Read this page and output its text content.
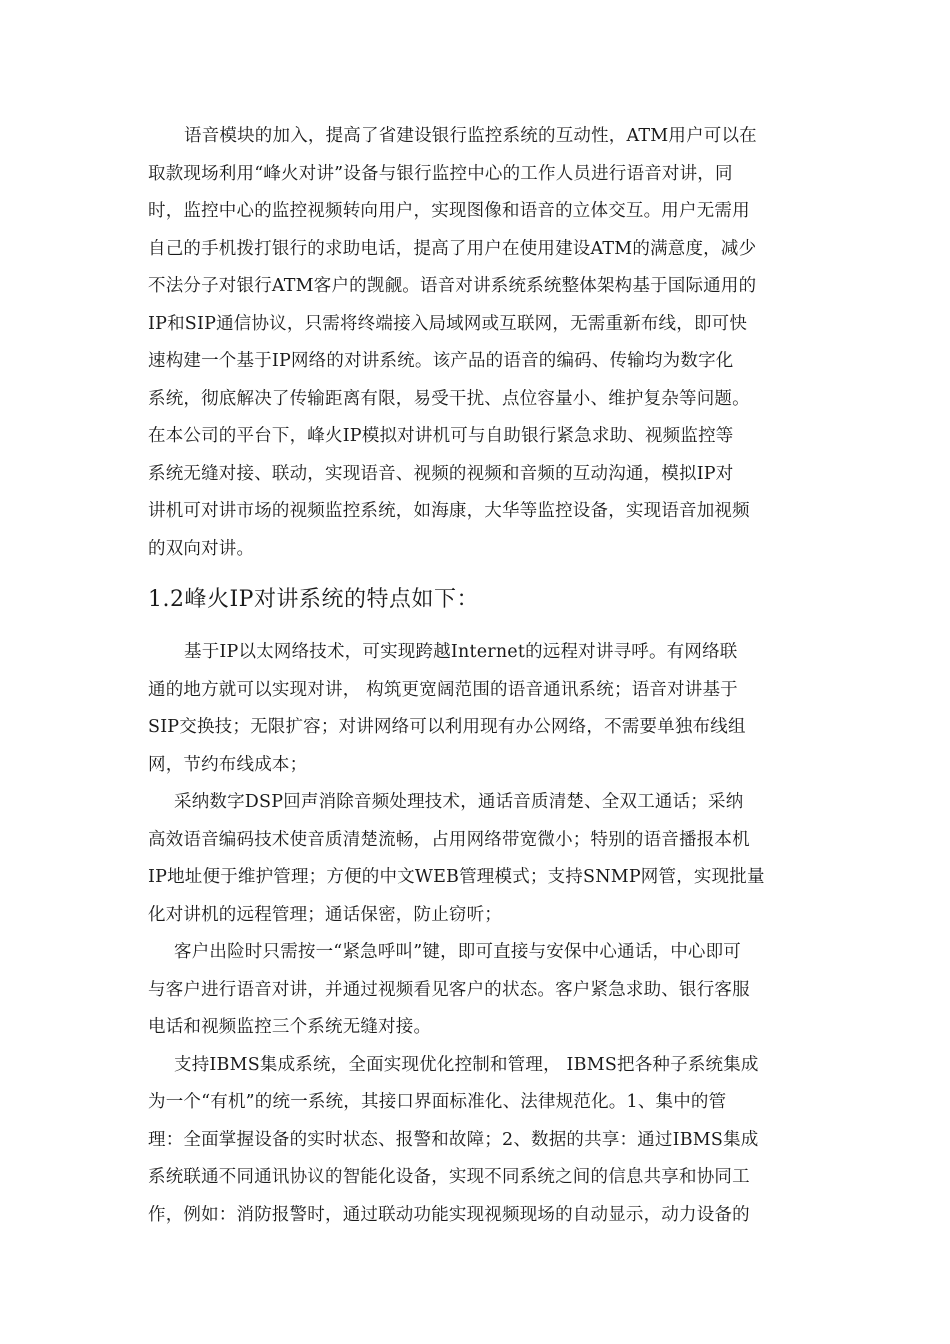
语音模块的加入，提高了省建设银行监控系统的互动性，ATM用户可以在
取款现场利用“峰火对讲”设备与银行监控中心的工作人员进行语音对讲，同
时，监控中心的监控视频转向用户，实现图像和语音的立体交互。用户无需用
自己的手机拨打银行的求助电话，提高了用户在使用建设ATM的满意度，减少
不法分子对银行ATM客户的觊觎。语音对讲系统系统整体架构基于国际通用的
IP和SIP通信协议，只需将终端接入局域网或互联网，无需重新布线，即可快
速构建一个基于IP网络的对讲系统。该产品的语音的编码、传输均为数字化
系统，彻底解决了传输距离有限，易受干扰、点位容量小、维护复杂等问题。
在本公司的平台下，峰火IP模拟对讲机可与自助银行紧急求助、视频监控等
系统无缝对接、联动，实现语音、视频的视频和音频的互动沟通，模拟IP对
讲机可对讲市场的视频监控系统，如海康，大华等监控设备，实现语音加视频
的双向对讲。
1.2峰火IP对讲系统的特点如下：
基于IP以太网络技术，可实现跨越Internet的远程对讲寻呼。有网络联
通的地方就可以实现对讲， 构筑更宽阔范围的语音通讯系统；语音对讲基于
SIP交换技；无限扩容；对讲网络可以利用现有办公网络，不需要单独布线组
网，节约布线成本；
采纳数字DSP回声消除音频处理技术，通话音质清楚、全双工通话；采纳
高效语音编码技术使音质清楚流畅，占用网络带宽微小；特别的语音播报本机
IP地址便于维护管理；方便的中文WEB管理模式；支持SNMP网管，实现批量
化对讲机的远程管理；通话保密，防止窃听；
客户出险时只需按一“紧急呼叫”键，即可直接与安保中心通话，中心即可
与客户进行语音对讲，并通过视频看见客户的状态。客户紧急求助、银行客服
电话和视频监控三个系统无缝对接。
支持IBMS集成系统，全面实现优化控制和管理， IBMS把各种子系统集成
为一个“有机”的统一系统，其接口界面标准化、法律规范化。1、集中的管
理：全面掌握设备的实时状态、报警和故障；2、数据的共享：通过IBMS集成
系统联通不同通讯协议的智能化设备，实现不同系统之间的信息共享和协同工
作，例如：消防报警时，通过联动功能实现视频现场的自动显示，动力设备的
